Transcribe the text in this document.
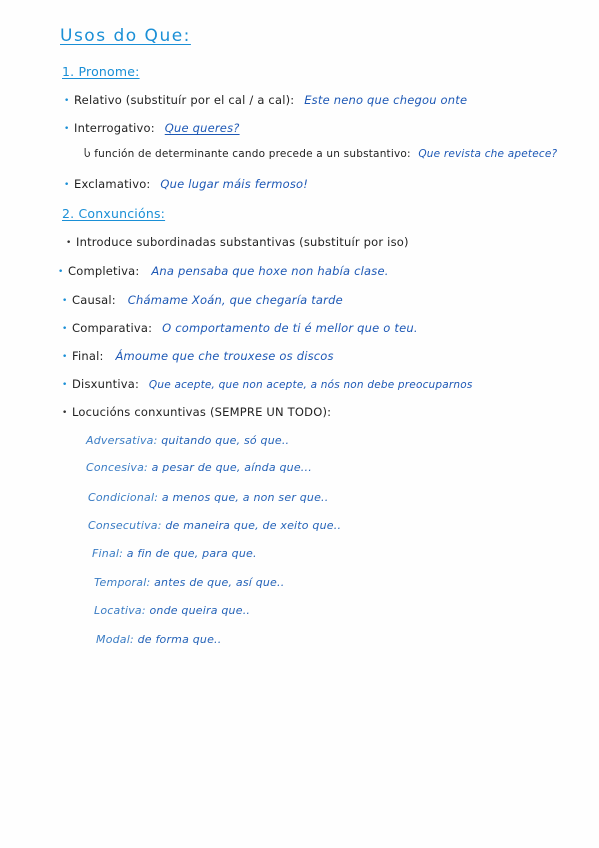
Usos do Que:
1. Pronome:
• Relativo (substituír por el cal / a cal): Este neno que chegou onte
• Interrogativo: Que queres?
Ⴑ función de determinante cando precede a un substantivo: Que revista che apetece?
• Exclamativo: Que lugar máis fermoso!
2. Conxuncións:
• Introduce subordinadas substantivas (substituír por iso)
• Completiva: Ana pensaba que hoxe non había clase.
• Causal: Chámame Xoán, que chegaría tarde
• Comparativa: O comportamento de ti é mellor que o teu.
• Final: Ámoume que che trouxese os discos
• Disxuntiva: Que acepte, que non acepte, a nós non debe preocuparnos
• Locucións conxuntivas (SEMPRE UN TODO):
Adversativa: quitando que, só que..
Concesiva: a pesar de que, aínda que...
Condicional: a menos que, a non ser que..
Consecutiva: de maneira que, de xeito que..
Final: a fin de que, para que.
Temporal: antes de que, así que..
Locativa: onde queira que..
Modal: de forma que..
